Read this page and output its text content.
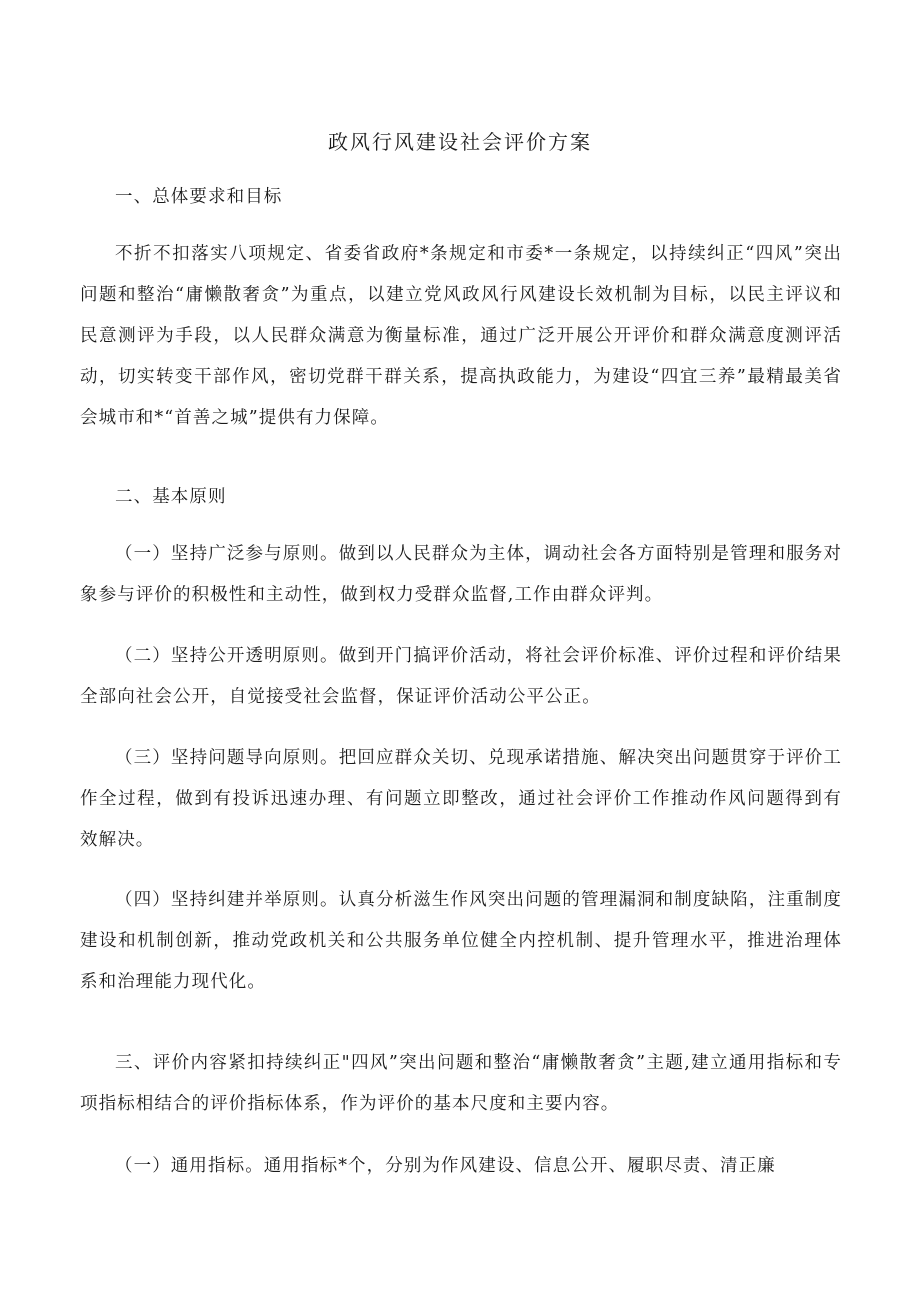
政风行风建设社会评价方案

一、总体要求和目标

不折不扣落实八项规定、省委省政府*条规定和市委*一条规定，以持续纠正“四风”突出问题和整治“庸懒散奢贪”为重点，以建立党风政风行风建设长效机制为目标，以民主评议和民意测评为手段，以人民群众满意为衡量标准，通过广泛开展公开评价和群众满意度测评活动，切实转变干部作风，密切党群干群关系，提高执政能力，为建设“四宜三养”最精最美省会城市和*“首善之城”提供有力保障。

二、基本原则

（一）坚持广泛参与原则。做到以人民群众为主体，调动社会各方面特别是管理和服务对象参与评价的积极性和主动性，做到权力受群众监督,工作由群众评判。

（二）坚持公开透明原则。做到开门搞评价活动，将社会评价标准、评价过程和评价结果全部向社会公开，自觉接受社会监督，保证评价活动公平公正。

（三）坚持问题导向原则。把回应群众关切、兑现承诺措施、解决突出问题贯穿于评价工作全过程，做到有投诉迅速办理、有问题立即整改，通过社会评价工作推动作风问题得到有效解决。

（四）坚持纠建并举原则。认真分析滋生作风突出问题的管理漏洞和制度缺陷，注重制度建设和机制创新，推动党政机关和公共服务单位健全内控机制、提升管理水平，推进治理体系和治理能力现代化。

三、评价内容紧扣持续纠正"四风”突出问题和整治“庸懒散奢贪”主题,建立通用指标和专项指标相结合的评价指标体系，作为评价的基本尺度和主要内容。

（一）通用指标。通用指标*个，分别为作风建设、信息公开、履职尽责、清正廉
